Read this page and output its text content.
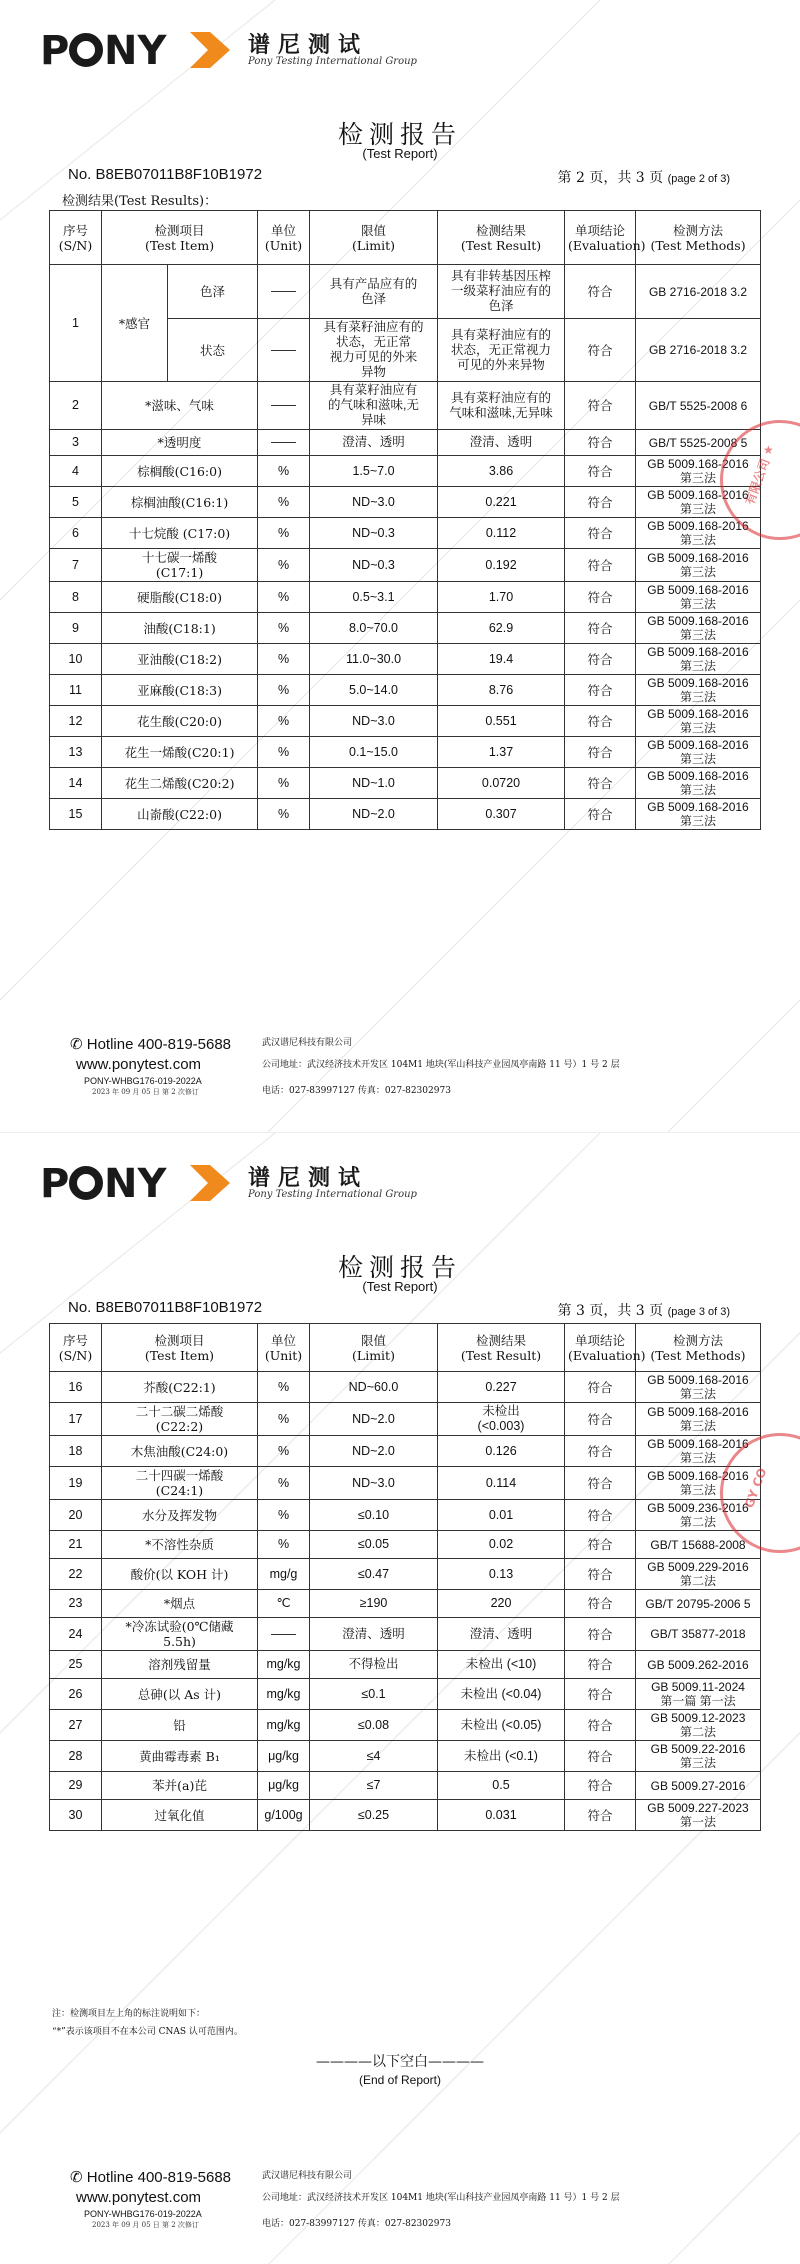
P NY	谱尼测试
Pony Testing International Group
检测报告
(Test Report)
No. B8EB07011B8F10B1972	第 2 页，共 3 页 (page 2 of 3)
检测结果(Test Results)：
序号
(S/N)	检测项目
(Test Item)		单位
(Unit)	限值
(Limit)	检测结果
(Test Result)	单项结论
(Evaluation)	检测方法
(Test Methods)

1	*感官	色泽	——	具有产品应有的
色泽	具有非转基因压榨
一级菜籽油应有的
色泽	符合	GB 2716-2018 3.2

		状态	——	具有菜籽油应有的
状态，无正常
视力可见的外来
异物	具有菜籽油应有的
状态，无正常视力
可见的外来异物	符合	GB 2716-2018 3.2

2	*滋味、气味		——	具有菜籽油应有
的气味和滋味,无
异味	具有菜籽油应有的
气味和滋味,无异味	符合	GB/T 5525-2008 6

3	*透明度		——	澄清、透明	澄清、透明	符合	GB/T 5525-2008 5

4	棕榈酸(C16:0)		%	1.5~7.0	3.86	符合	GB 5009.168-2016
第三法

5	棕榈油酸(C16:1)		%	ND~3.0	0.221	符合	GB 5009.168-2016
第三法

6	十七烷酸 (C17:0)		%	ND~0.3	0.112	符合	GB 5009.168-2016
第三法

7	十七碳一烯酸
(C17:1)		%	ND~0.3	0.192	符合	GB 5009.168-2016
第三法

8	硬脂酸(C18:0)		%	0.5~3.1	1.70	符合	GB 5009.168-2016
第三法

9	油酸(C18:1)		%	8.0~70.0	62.9	符合	GB 5009.168-2016
第三法

10	亚油酸(C18:2)		%	11.0~30.0	19.4	符合	GB 5009.168-2016
第三法

11	亚麻酸(C18:3)		%	5.0~14.0	8.76	符合	GB 5009.168-2016
第三法

12	花生酸(C20:0)		%	ND~3.0	0.551	符合	GB 5009.168-2016
第三法

13	花生一烯酸(C20:1)		%	0.1~15.0	1.37	符合	GB 5009.168-2016
第三法

14	花生二烯酸(C20:2)		%	ND~1.0	0.0720	符合	GB 5009.168-2016
第三法

15	山嵛酸(C22:0)		%	ND~2.0	0.307	符合	GB 5009.168-2016
第三法
有限公司
★
✆ Hotline 400-819-5688
www.ponytest.com
PONY-WHBG176-019-2022A
2023 年 09 月 05 日 第 2 次修订
武汉谱尼科技有限公司
公司地址：武汉经济技术开发区 104M1 地块(军山科技产业园凤亭南路 11 号）1 号 2 层
电话：027-83997127 传真：027-82302973
P NY	谱尼测试
Pony Testing International Group
检测报告
(Test Report)
No. B8EB07011B8F10B1972	第 3 页，共 3 页 (page 3 of 3)
序号
(S/N)	检测项目
(Test Item)	单位
(Unit)	限值
(Limit)	检测结果
(Test Result)	单项结论
(Evaluation)	检测方法
(Test Methods)

16	芥酸(C22:1)	%	ND~60.0	0.227	符合	GB 5009.168-2016
第三法

17	二十二碳二烯酸
(C22:2)	%	ND~2.0	未检出
(<0.003)	符合	GB 5009.168-2016
第三法

18	木焦油酸(C24:0)	%	ND~2.0	0.126	符合	GB 5009.168-2016
第三法

19	二十四碳一烯酸
(C24:1)	%	ND~3.0	0.114	符合	GB 5009.168-2016
第三法

20	水分及挥发物	%	≤0.10	0.01	符合	GB 5009.236-2016
第二法

21	*不溶性杂质	%	≤0.05	0.02	符合	GB/T 15688-2008

22	酸价(以 KOH 计)	mg/g	≤0.47	0.13	符合	GB 5009.229-2016
第二法

23	*烟点	℃	≥190	220	符合	GB/T 20795-2006 5

24	*冷冻试验(0℃储藏
5.5h)	——	澄清、透明	澄清、透明	符合	GB/T 35877-2018

25	溶剂残留量	mg/kg	不得检出	未检出 (<10)	符合	GB 5009.262-2016

26	总砷(以 As 计)	mg/kg	≤0.1	未检出 (<0.04)	符合	GB 5009.11-2024
第一篇 第一法

27	铅	mg/kg	≤0.08	未检出 (<0.05)	符合	GB 5009.12-2023
第二法

28	黄曲霉毒素 B₁	μg/kg	≤4	未检出 (<0.1)	符合	GB 5009.22-2016
第三法

29	苯并(a)芘	μg/kg	≤7	0.5	符合	GB 5009.27-2016

30	过氧化值	g/100g	≤0.25	0.031	符合	GB 5009.227-2023
第一法
注：检测项目左上角的标注说明如下：
“*”表示该项目不在本公司 CNAS 认可范围内。
————以下空白————
(End of Report)
GY CO
✆ Hotline 400-819-5688
www.ponytest.com
PONY-WHBG176-019-2022A
2023 年 09 月 05 日 第 2 次修订
武汉谱尼科技有限公司
公司地址：武汉经济技术开发区 104M1 地块(军山科技产业园凤亭南路 11 号）1 号 2 层
电话：027-83997127 传真：027-82302973
